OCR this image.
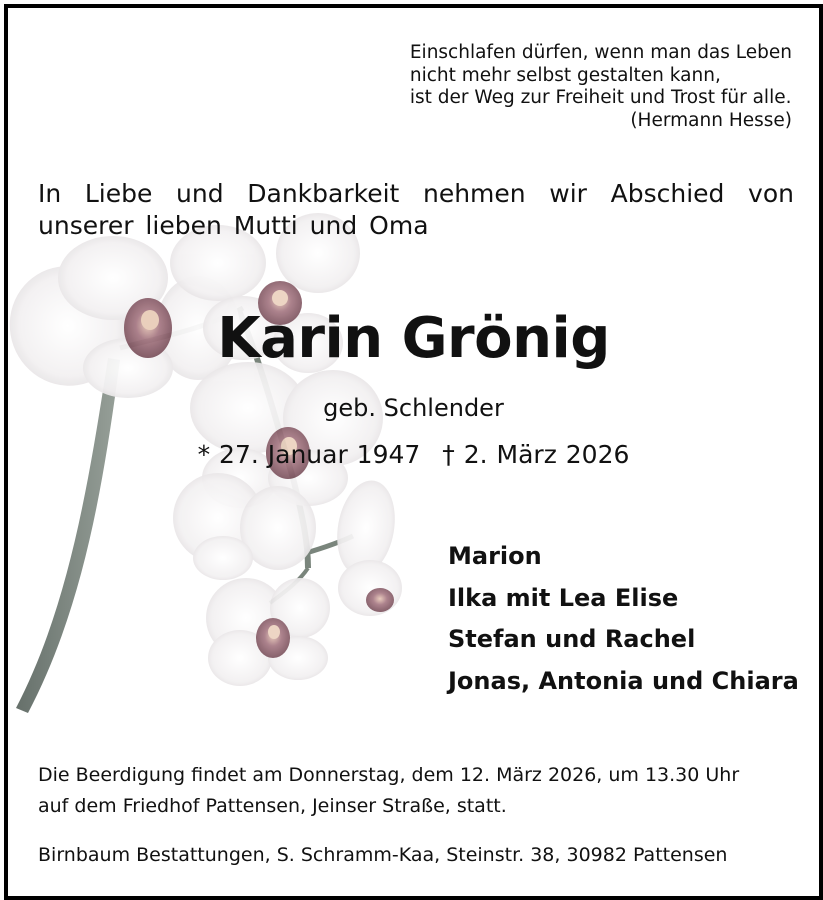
Einschlafen dürfen, wenn man das Leben
nicht mehr selbst gestalten kann,
ist der Weg zur Freiheit und Trost für alle.
(Hermann Hesse)
In Liebe und Dankbarkeit nehmen wir Abschied von unserer lieben Mutti und Oma
Karin Grönig
geb. Schlender
* 27. Januar 1947 † 2. März 2026
Marion
Ilka mit Lea Elise
Stefan und Rachel
Jonas, Antonia und Chiara
Die Beerdigung findet am Donnerstag, dem 12. März 2026, um 13.30 Uhr
auf dem Friedhof Pattensen, Jeinser Straße, statt.
Birnbaum Bestattungen, S. Schramm-Kaa, Steinstr. 38, 30982 Pattensen
